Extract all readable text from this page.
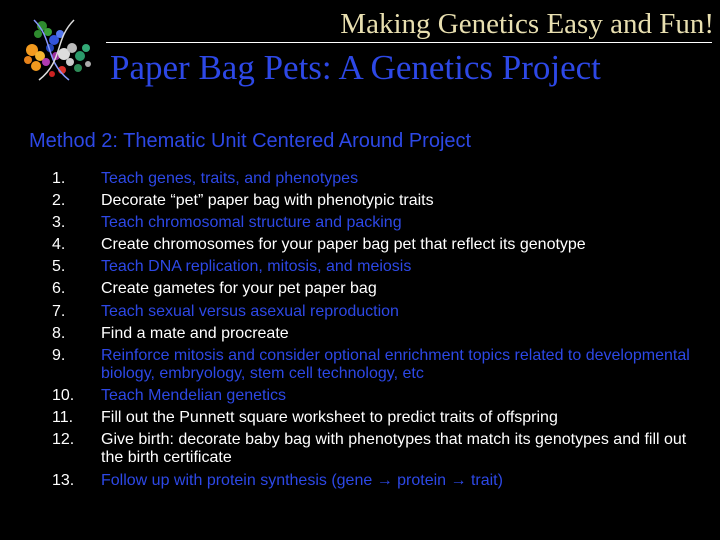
Making Genetics Easy and Fun!
Paper Bag Pets: A Genetics Project
Method 2: Thematic Unit Centered Around Project
1. Teach genes, traits, and phenotypes
2. Decorate “pet” paper bag with phenotypic traits
3. Teach chromosomal structure and packing
4. Create chromosomes for your paper bag pet that reflect its genotype
5. Teach DNA replication, mitosis, and meiosis
6. Create gametes for your pet paper bag
7. Teach sexual versus asexual reproduction
8. Find a mate and procreate
9. Reinforce mitosis and consider optional enrichment topics related to developmental biology, embryology, stem cell technology, etc
10. Teach Mendelian genetics
11. Fill out the Punnett square worksheet to predict traits of offspring
12. Give birth: decorate baby bag with phenotypes that match its genotypes and fill out the birth certificate
13. Follow up with protein synthesis (gene → protein → trait)
